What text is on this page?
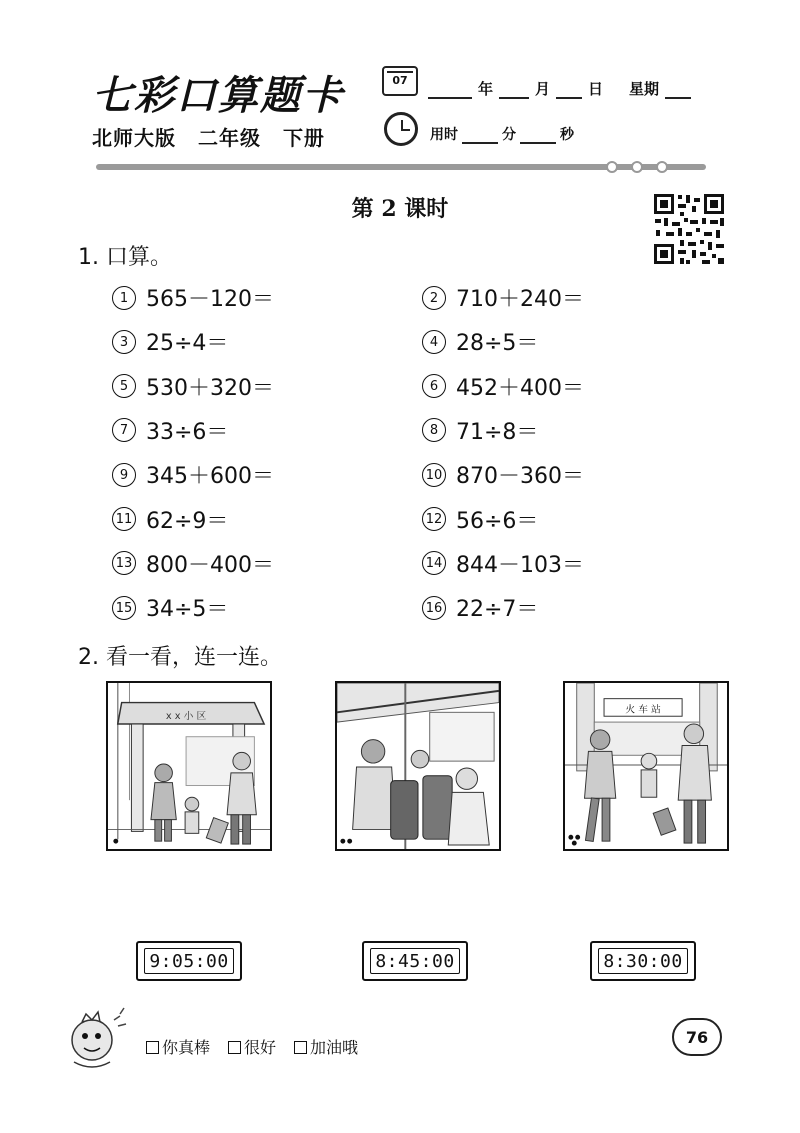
七彩口算题卡
北师大版 二年级 下册
07	年	月	日 星期
用时	分	秒
第 2 课时
1. 口算。
1 565－120＝	2 710＋240＝
3 25÷4＝	4 28÷5＝
5 530＋320＝	6 452＋400＝
7 33÷6＝	8 71÷8＝
9 345＋600＝	10 870－360＝
11 62÷9＝	12 56÷6＝
13 800－400＝	14 844－103＝
15 34÷5＝	16 22÷7＝
2. 看一看，连一连。
x x 小 区
火 车 站
9:05:00	8:45:00	8:30:00
你真棒	很好	加油哦
76
